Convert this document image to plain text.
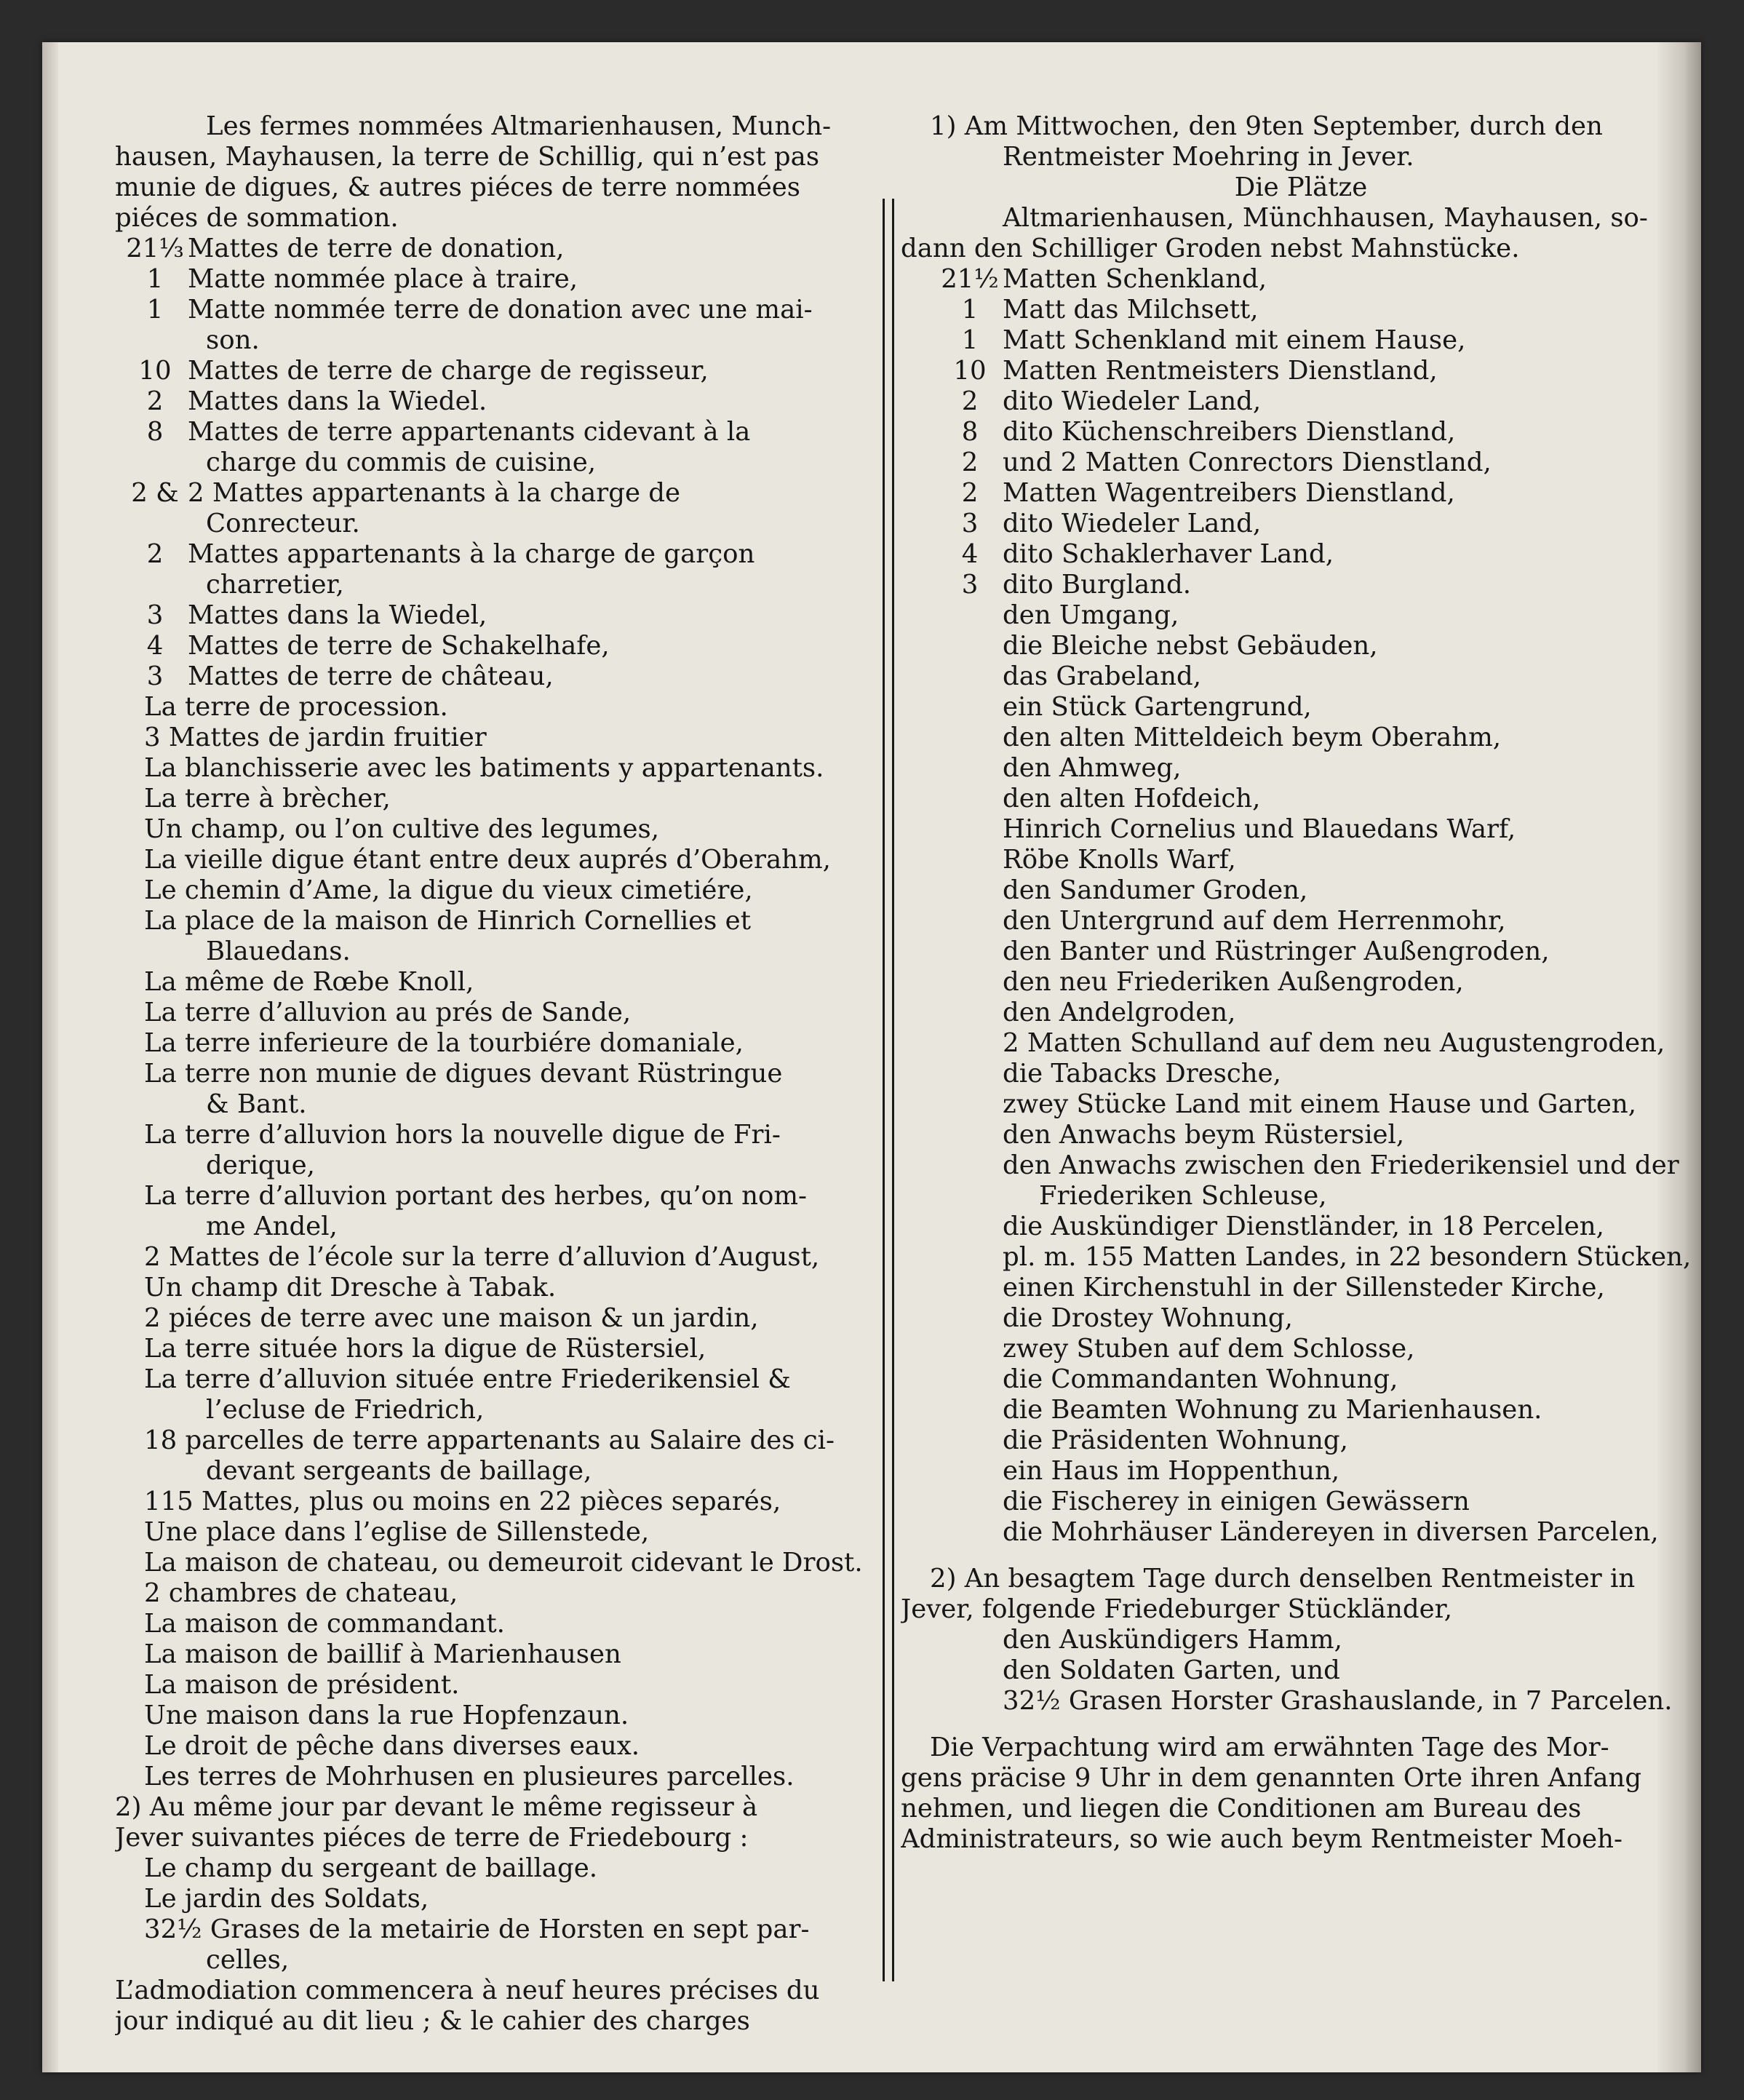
Les fermes nommées Altmarienhausen, Munch-
hausen, Mayhausen, la terre de Schillig, qui n’est pas
munie de digues, & autres piéces de terre nommées
piéces de sommation.
21⅓ Mattes de terre de donation,
1 Matte nommée place à traire,
1 Matte nommée terre de donation avec une mai-
son.
10 Mattes de terre de charge de regisseur,
2 Mattes dans la Wiedel.
8 Mattes de terre appartenants cidevant à la
charge du commis de cuisine,
2 & 2 Mattes appartenants à la charge de
Conrecteur.
2 Mattes appartenants à la charge de garçon
charretier,
3 Mattes dans la Wiedel,
4 Mattes de terre de Schakelhafe,
3 Mattes de terre de château,
La terre de procession.
3 Mattes de jardin fruitier
La blanchisserie avec les batiments y appartenants.
La terre à brècher,
Un champ, ou l’on cultive des legumes,
La vieille digue étant entre deux auprés d’Oberahm,
Le chemin d’Ame, la digue du vieux cimetiére,
La place de la maison de Hinrich Cornellies et
Blauedans.
La même de Rœbe Knoll,
La terre d’alluvion au prés de Sande,
La terre inferieure de la tourbiére domaniale,
La terre non munie de digues devant Rüstringue
& Bant.
La terre d’alluvion hors la nouvelle digue de Fri-
derique,
La terre d’alluvion portant des herbes, qu’on nom-
me Andel,
2 Mattes de l’école sur la terre d’alluvion d’August,
Un champ dit Dresche à Tabak.
2 piéces de terre avec une maison & un jardin,
La terre située hors la digue de Rüstersiel,
La terre d’alluvion située entre Friederikensiel &
l’ecluse de Friedrich,
18 parcelles de terre appartenants au Salaire des ci-
devant sergeants de baillage,
115 Mattes, plus ou moins en 22 pièces separés,
Une place dans l’eglise de Sillenstede,
La maison de chateau, ou demeuroit cidevant le Drost.
2 chambres de chateau,
La maison de commandant.
La maison de baillif à Marienhausen
La maison de président.
Une maison dans la rue Hopfenzaun.
Le droit de pêche dans diverses eaux.
Les terres de Mohrhusen en plusieures parcelles.
2) Au même jour par devant le même regisseur à
Jever suivantes piéces de terre de Friedebourg :
Le champ du sergeant de baillage.
Le jardin des Soldats,
32½ Grases de la metairie de Horsten en sept par-
celles,
L’admodiation commencera à neuf heures précises du
jour indiqué au dit lieu ; & le cahier des charges
1) Am Mittwochen, den 9ten September, durch den
Rentmeister Moehring in Jever.
Die Plätze
Altmarienhausen, Münchhausen, Mayhausen, so-
dann den Schilliger Groden nebst Mahnstücke.
21½ Matten Schenkland,
1 Matt das Milchsett,
1 Matt Schenkland mit einem Hause,
10 Matten Rentmeisters Dienstland,
2 dito Wiedeler Land,
8 dito Küchenschreibers Dienstland,
2 und 2 Matten Conrectors Dienstland,
2 Matten Wagentreibers Dienstland,
3 dito Wiedeler Land,
4 dito Schaklerhaver Land,
3 dito Burgland.
den Umgang,
die Bleiche nebst Gebäuden,
das Grabeland,
ein Stück Gartengrund,
den alten Mitteldeich beym Oberahm,
den Ahmweg,
den alten Hofdeich,
Hinrich Cornelius und Blauedans Warf,
Röbe Knolls Warf,
den Sandumer Groden,
den Untergrund auf dem Herrenmohr,
den Banter und Rüstringer Außengroden,
den neu Friederiken Außengroden,
den Andelgroden,
2 Matten Schulland auf dem neu Augustengroden,
die Tabacks Dresche,
zwey Stücke Land mit einem Hause und Garten,
den Anwachs beym Rüstersiel,
den Anwachs zwischen den Friederikensiel und der
Friederiken Schleuse,
die Auskündiger Dienstländer, in 18 Percelen,
pl. m. 155 Matten Landes, in 22 besondern Stücken,
einen Kirchenstuhl in der Sillensteder Kirche,
die Drostey Wohnung,
zwey Stuben auf dem Schlosse,
die Commandanten Wohnung,
die Beamten Wohnung zu Marienhausen.
die Präsidenten Wohnung,
ein Haus im Hoppenthun,
die Fischerey in einigen Gewässern
die Mohrhäuser Ländereyen in diversen Parcelen,
2) An besagtem Tage durch denselben Rentmeister in
Jever, folgende Friedeburger Stückländer,
den Auskündigers Hamm,
den Soldaten Garten, und
32½ Grasen Horster Grashauslande, in 7 Parcelen.
Die Verpachtung wird am erwähnten Tage des Mor-
gens präcise 9 Uhr in dem genannten Orte ihren Anfang
nehmen, und liegen die Conditionen am Bureau des
Administrateurs, so wie auch beym Rentmeister Moeh-
